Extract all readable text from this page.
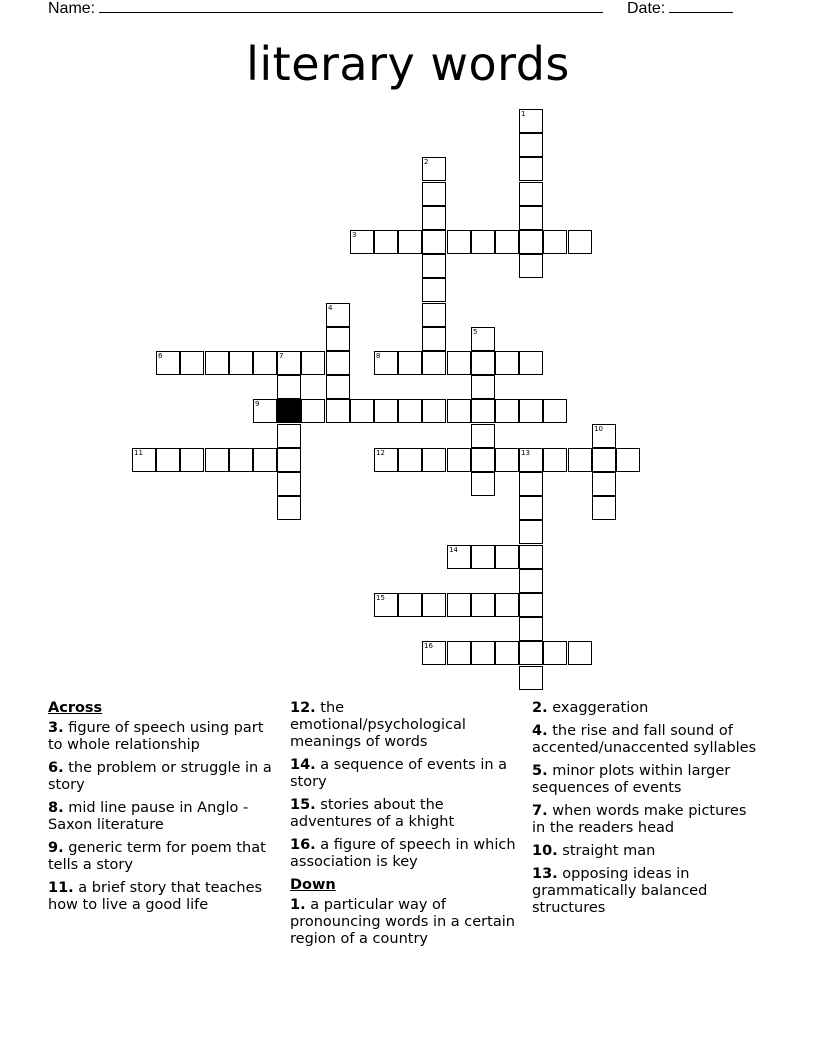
Name:	Date:
literary words
1
2
3
4
5
6	7	8
9
10
11	12	13
14
15
16
Across
3. figure of speech using part to whole relationship
6. the problem or struggle in a story
8. mid line pause in Anglo - Saxon literature
9. generic term for poem that tells a story
11. a brief story that teaches how to live a good life
12. the emotional/psychological meanings of words
14. a sequence of events in a story
15. stories about the adventures of a khight
16. a figure of speech in which association is key
Down
1. a particular way of pronouncing words in a certain region of a country
2. exaggeration
4. the rise and fall sound of accented/unaccented syllables
5. minor plots within larger sequences of events
7. when words make pictures in the readers head
10. straight man
13. opposing ideas in grammatically balanced structures
